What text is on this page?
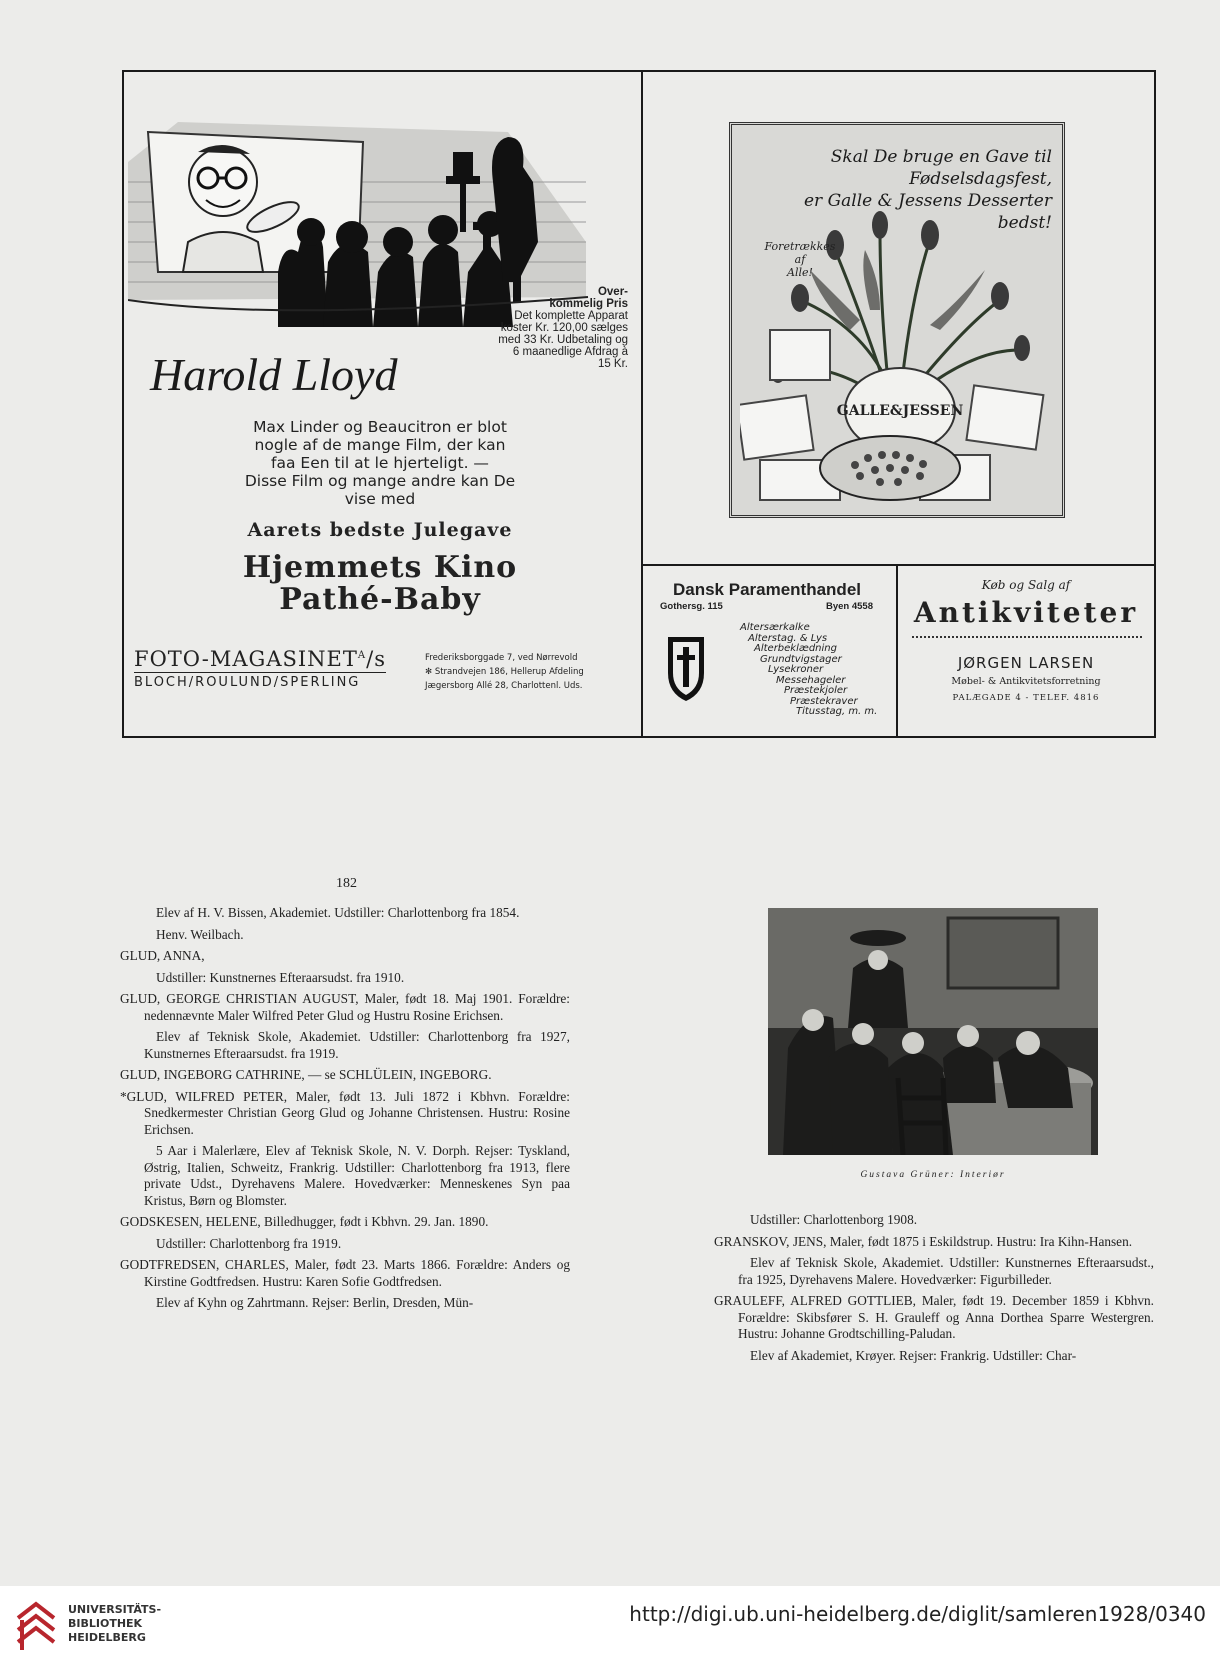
Over-
kommelig Pris
Det komplette Apparat
koster Kr. 120,00 sælges
med 33 Kr. Udbetaling og
6 maanedlige Afdrag à
15 Kr.
Harold Lloyd
Max Linder og Beaucitron er blot
nogle af de mange Film, der kan
faa Een til at le hjerteligt. —
Disse Film og mange andre kan De
vise med
Aarets bedste Julegave
Hjemmets Kino
Pathé-Baby
FOTO-$MAGASINET^A/s$
BLOCH/ROULUND/SPERLING
Frederiksborggade 7, ved Nørrevold
✻ Strandvejen 186, Hellerup Afdeling
Jægersborg Allé 28, Charlottenl. Uds.
GALLE&JESSEN
Skal De bruge en Gave til
Fødselsdagsfest,
er Galle & Jessens Desserter
bedst!
Foretrækkes
af
Alle!
Dansk Paramenthandel
Gothersg. 115	Byen 4558
Altersærkalke
Alterstag. & Lys
Alterbeklædning
Grundtvigstager
Lysekroner
Messehageler
Præstekjoler
Præstekraver
Titusstag, m. m.
Køb og Salg af
Antikviteter
JØRGEN LARSEN
Møbel- & Antikvitetsforretning
PALÆGADE 4 - TELEF. 4816
182
Elev af H. V. Bissen, Akademiet. Udstiller: Charlottenborg fra 1854.
Henv. Weilbach.
GLUD, ANNA,
Udstiller: Kunstnernes Efteraarsudst. fra 1910.
GLUD, GEORGE CHRISTIAN AUGUST, Maler, født 18. Maj 1901. Forældre: nedennævnte Maler Wilfred Peter Glud og Hustru Rosine Erichsen.
Elev af Teknisk Skole, Akademiet. Udstiller: Charlottenborg fra 1927, Kunstnernes Efteraarsudst. fra 1919.
GLUD, INGEBORG CATHRINE, — se SCHLÜLEIN, INGEBORG.
*GLUD, WILFRED PETER, Maler, født 13. Juli 1872 i Kbhvn. Forældre: Snedkermester Christian Georg Glud og Johanne Christensen. Hustru: Rosine Erichsen.
5 Aar i Malerlære, Elev af Teknisk Skole, N. V. Dorph. Rejser: Tyskland, Østrig, Italien, Schweitz, Frankrig. Udstiller: Charlottenborg fra 1913, flere private Udst., Dyrehavens Malere. Hovedværker: Menneskenes Syn paa Kristus, Børn og Blomster.
GODSKESEN, HELENE, Billedhugger, født i Kbhvn. 29. Jan. 1890.
Udstiller: Charlottenborg fra 1919.
GODTFREDSEN, CHARLES, Maler, født 23. Marts 1866. Forældre: Anders og Kirstine Godtfredsen. Hustru: Karen Sofie Godtfredsen.
Elev af Kyhn og Zahrtmann. Rejser: Berlin, Dresden, Mün-
Gustava Grüner: Interiør
Udstiller: Charlottenborg 1908.
GRANSKOV, JENS, Maler, født 1875 i Eskildstrup. Hustru: Ira Kihn-Hansen.
Elev af Teknisk Skole, Akademiet. Udstiller: Kunstnernes Efteraarsudst., fra 1925, Dyrehavens Malere. Hovedværker: Figurbilleder.
GRAULEFF, ALFRED GOTTLIEB, Maler, født 19. December 1859 i Kbhvn. Forældre: Skibsfører S. H. Grauleff og Anna Dorthea Sparre Westergren. Hustru: Johanne Grodtschilling-Paludan.
Elev af Akademiet, Krøyer. Rejser: Frankrig. Udstiller: Char-
UNIVERSITÄTS-
BIBLIOTHEK
HEIDELBERG
http://digi.ub.uni-heidelberg.de/diglit/samleren1928/0340
